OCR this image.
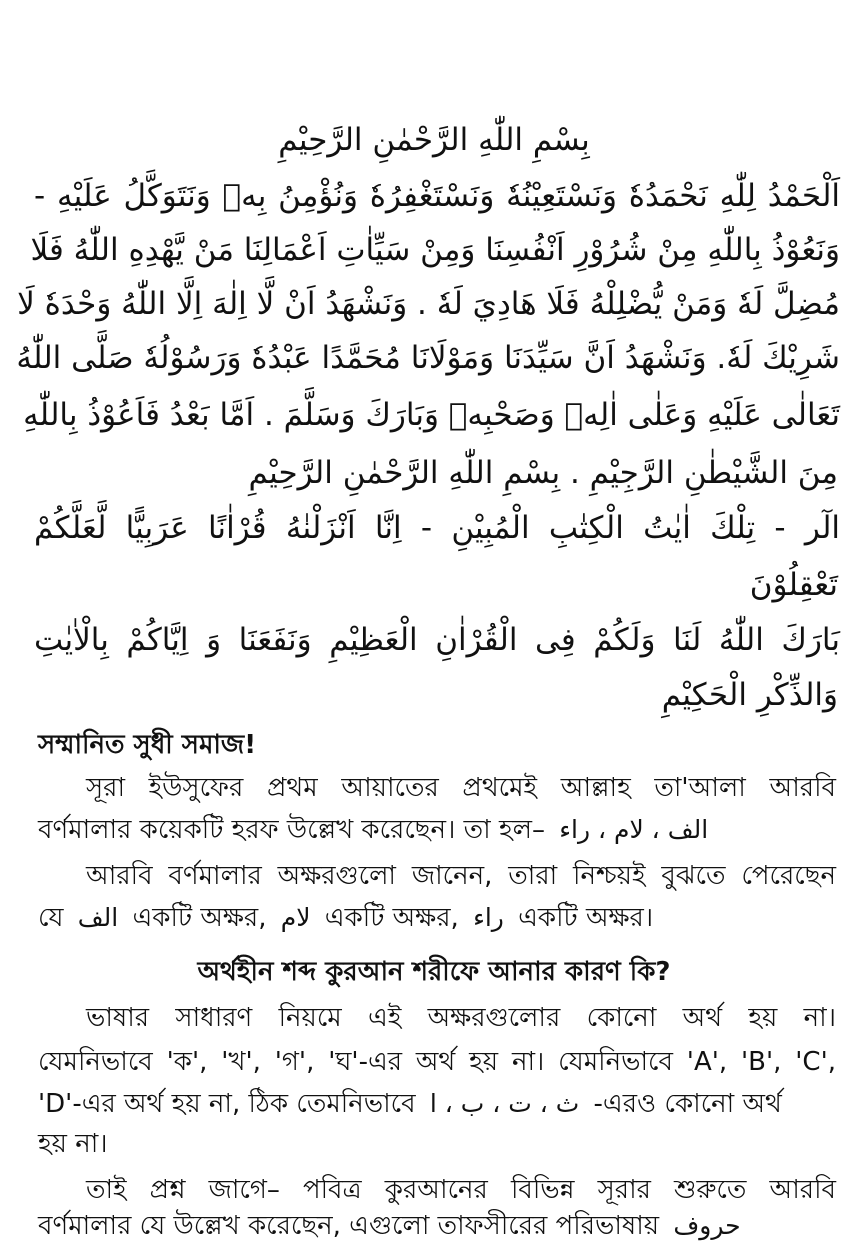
بِسْمِ اللّٰهِ الرَّحْمٰنِ الرَّحِيْمِ
اَلْحَمْدُ لِلّٰهِ نَحْمَدُهٗ وَنَسْتَعِيْنُهٗ وَنَسْتَغْفِرُهٗ وَنُؤْمِنُ بِهٖ وَنَتَوَكَّلُ عَلَيْهِ -
وَنَعُوْذُ بِاللّٰهِ مِنْ شُرُوْرِ اَنْفُسِنَا وَمِنْ سَيِّاٰتِ اَعْمَالِنَا مَنْ يَّهْدِهِ اللّٰهُ فَلَا
مُضِلَّ لَهٗ وَمَنْ يُّضْلِلْهُ فَلَا هَادِيَ لَهٗ . وَنَشْهَدُ اَنْ لَّا اِلٰهَ اِلَّا اللّٰهُ وَحْدَهٗ لَا
شَرِيْكَ لَهٗ. وَنَشْهَدُ اَنَّ سَيِّدَنَا وَمَوْلَانَا مُحَمَّدًا عَبْدُهٗ وَرَسُوْلُهٗ صَلَّى اللّٰهُ
تَعَالٰى عَلَيْهِ وَعَلٰى اٰلِهٖ وَصَحْبِهٖ وَبَارَكَ وَسَلَّمَ . اَمَّا بَعْدُ فَاَعُوْذُ بِاللّٰهِ
مِنَ الشَّيْطٰنِ الرَّجِيْمِ . بِسْمِ اللّٰهِ الرَّحْمٰنِ الرَّحِيْمِ
الٓر - تِلْكَ اٰيٰتُ الْكِتٰبِ الْمُبِيْنِ - اِنَّا اَنْزَلْنٰهُ قُرْاٰنًا عَرَبِيًّا لَّعَلَّكُمْ
تَعْقِلُوْنَ
بَارَكَ اللّٰهُ لَنَا وَلَكُمْ فِى الْقُرْاٰنِ الْعَظِيْمِ وَنَفَعَنَا وَ اِيَّاكُمْ بِالْاٰيٰتِ
وَالذِّكْرِ الْحَكِيْمِ
সম্মানিত সুধী সমাজ!
সূরা ইউসুফের প্রথম আয়াতের প্রথমেই আল্লাহ তা'আলা আরবি
বর্ণমালার কয়েকটি হরফ উল্লেখ করেছেন। তা হল– الف ، لام ، راء
আরবি বর্ণমালার অক্ষরগুলো জানেন, তারা নিশ্চয়ই বুঝতে পেরেছেন
যে الف একটি অক্ষর, لام একটি অক্ষর, راء একটি অক্ষর।
অর্থহীন শব্দ কুরআন শরীফে আনার কারণ কি?
ভাষার সাধারণ নিয়মে এই অক্ষরগুলোর কোনো অর্থ হয় না।
যেমনিভাবে 'ক', 'খ', 'গ', 'ঘ'-এর অর্থ হয় না। যেমনিভাবে 'A', 'B', 'C',
'D'-এর অর্থ হয় না, ঠিক তেমনিভাবে ث ، ت ، ب ، ا -এরও কোনো অর্থ
হয় না।
তাই প্রশ্ন জাগে– পবিত্র কুরআনের বিভিন্ন সূরার শুরুতে আরবি
বর্ণমালার যে উল্লেখ করেছেন, এগুলো তাফসীরের পরিভাষায় حروف
